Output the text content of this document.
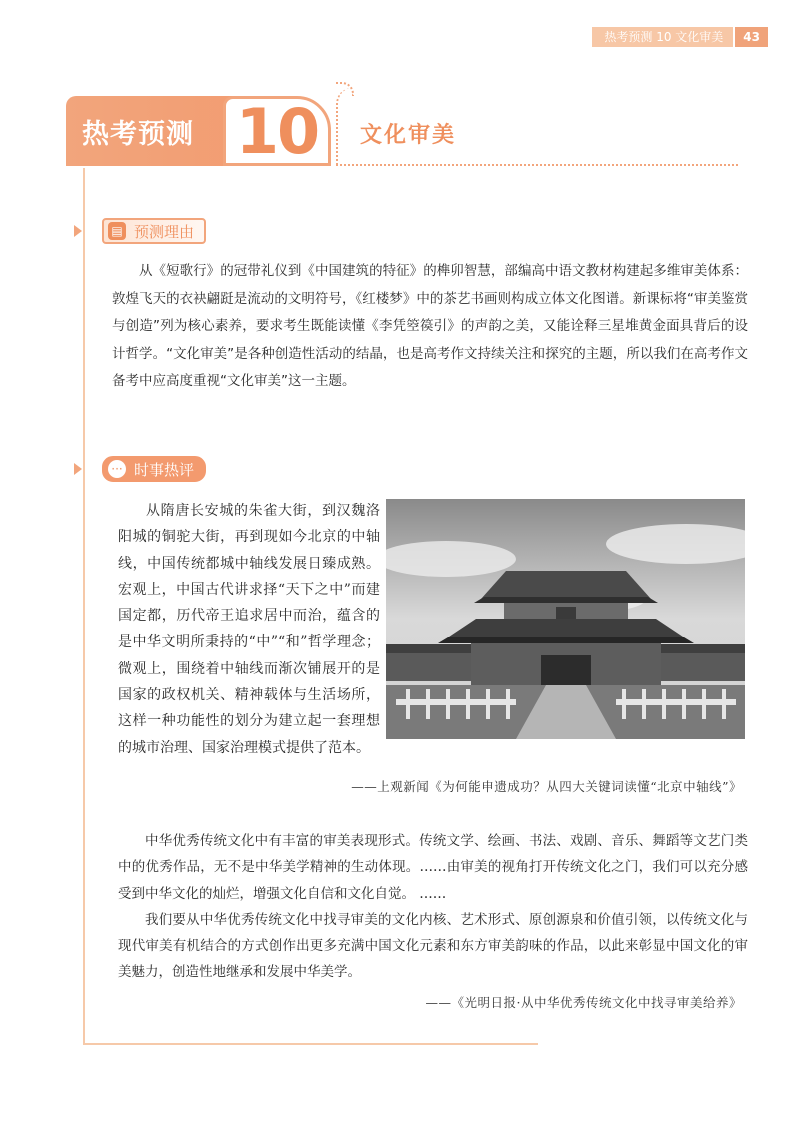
热考预测 10 文化审美	43
热考预测 10 文化审美
▤ 预测理由

从《短歌行》的冠带礼仪到《中国建筑的特征》的榫卯智慧，部编高中语文教材构建起多维审美体系：敦煌飞天的衣袂翩跹是流动的文明符号，《红楼梦》中的茶艺书画则构成立体文化图谱。新课标将“审美鉴赏与创造”列为核心素养，要求考生既能读懂《李凭箜篌引》的声韵之美，又能诠释三星堆黄金面具背后的设计哲学。“文化审美”是各种创造性活动的结晶，也是高考作文持续关注和探究的主题，所以我们在高考作文备考中应高度重视“文化审美”这一主题。

··· 时事热评

从隋唐长安城的朱雀大街，到汉魏洛阳城的铜驼大街，再到现如今北京的中轴线，中国传统都城中轴线发展日臻成熟。宏观上，中国古代讲求择“天下之中”而建国定都，历代帝王追求居中而治，蕴含的是中华文明所秉持的“中”“和”哲学理念；微观上，围绕着中轴线而渐次铺展开的是国家的政权机关、精神载体与生活场所，这样一种功能性的划分为建立起一套理想的城市治理、国家治理模式提供了范本。

——上观新闻《为何能申遗成功？从四大关键词读懂“北京中轴线”》

中华优秀传统文化中有丰富的审美表现形式。传统文学、绘画、书法、戏剧、音乐、舞蹈等文艺门类中的优秀作品，无不是中华美学精神的生动体现。……由审美的视角打开传统文化之门，我们可以充分感受到中华文化的灿烂，增强文化自信和文化自觉。 ……

我们要从中华优秀传统文化中找寻审美的文化内核、艺术形式、原创源泉和价值引领，以传统文化与现代审美有机结合的方式创作出更多充满中国文化元素和东方审美韵味的作品，以此来彰显中国文化的审美魅力，创造性地继承和发展中华美学。

——《光明日报·从中华优秀传统文化中找寻审美给养》
